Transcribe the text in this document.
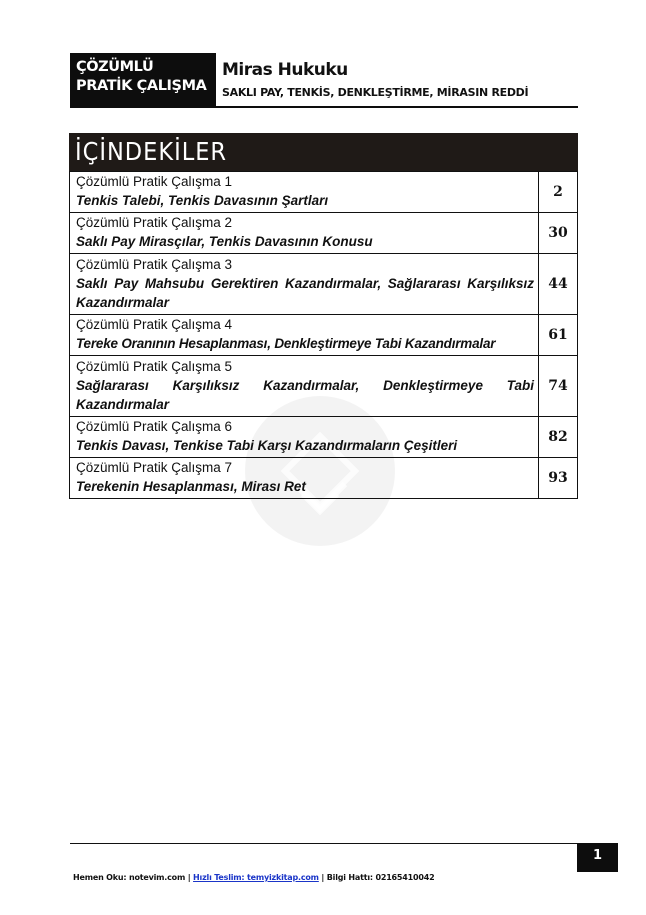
ÇÖZÜMLÜ
PRATİK ÇALIŞMA
Miras Hukuku
SAKLI PAY, TENKİS, DENKLEŞTİRME, MİRASIN REDDİ
İÇİNDEKİLER
Çözümlü Pratik Çalışma 1
Tenkis Talebi, Tenkis Davasının Şartları	2

Çözümlü Pratik Çalışma 2
Saklı Pay Mirasçılar, Tenkis Davasının Konusu	30

Çözümlü Pratik Çalışma 3
Saklı Pay Mahsubu Gerektiren Kazandırmalar, Sağlararası Karşılıksız Kazandırmalar	44

Çözümlü Pratik Çalışma 4
Tereke Oranının Hesaplanması, Denkleştirmeye Tabi Kazandırmalar	61

Çözümlü Pratik Çalışma 5
Sağlararası Karşılıksız Kazandırmalar, Denkleştirmeye Tabi Kazandırmalar	74

Çözümlü Pratik Çalışma 6
Tenkis Davası, Tenkise Tabi Karşı Kazandırmaların Çeşitleri	82

Çözümlü Pratik Çalışma 7
Terekenin Hesaplanması, Mirası Ret	93
1
Hemen Oku: notevim.com | Hızlı Teslim: temyizkitap.com | Bilgi Hattı: 02165410042
